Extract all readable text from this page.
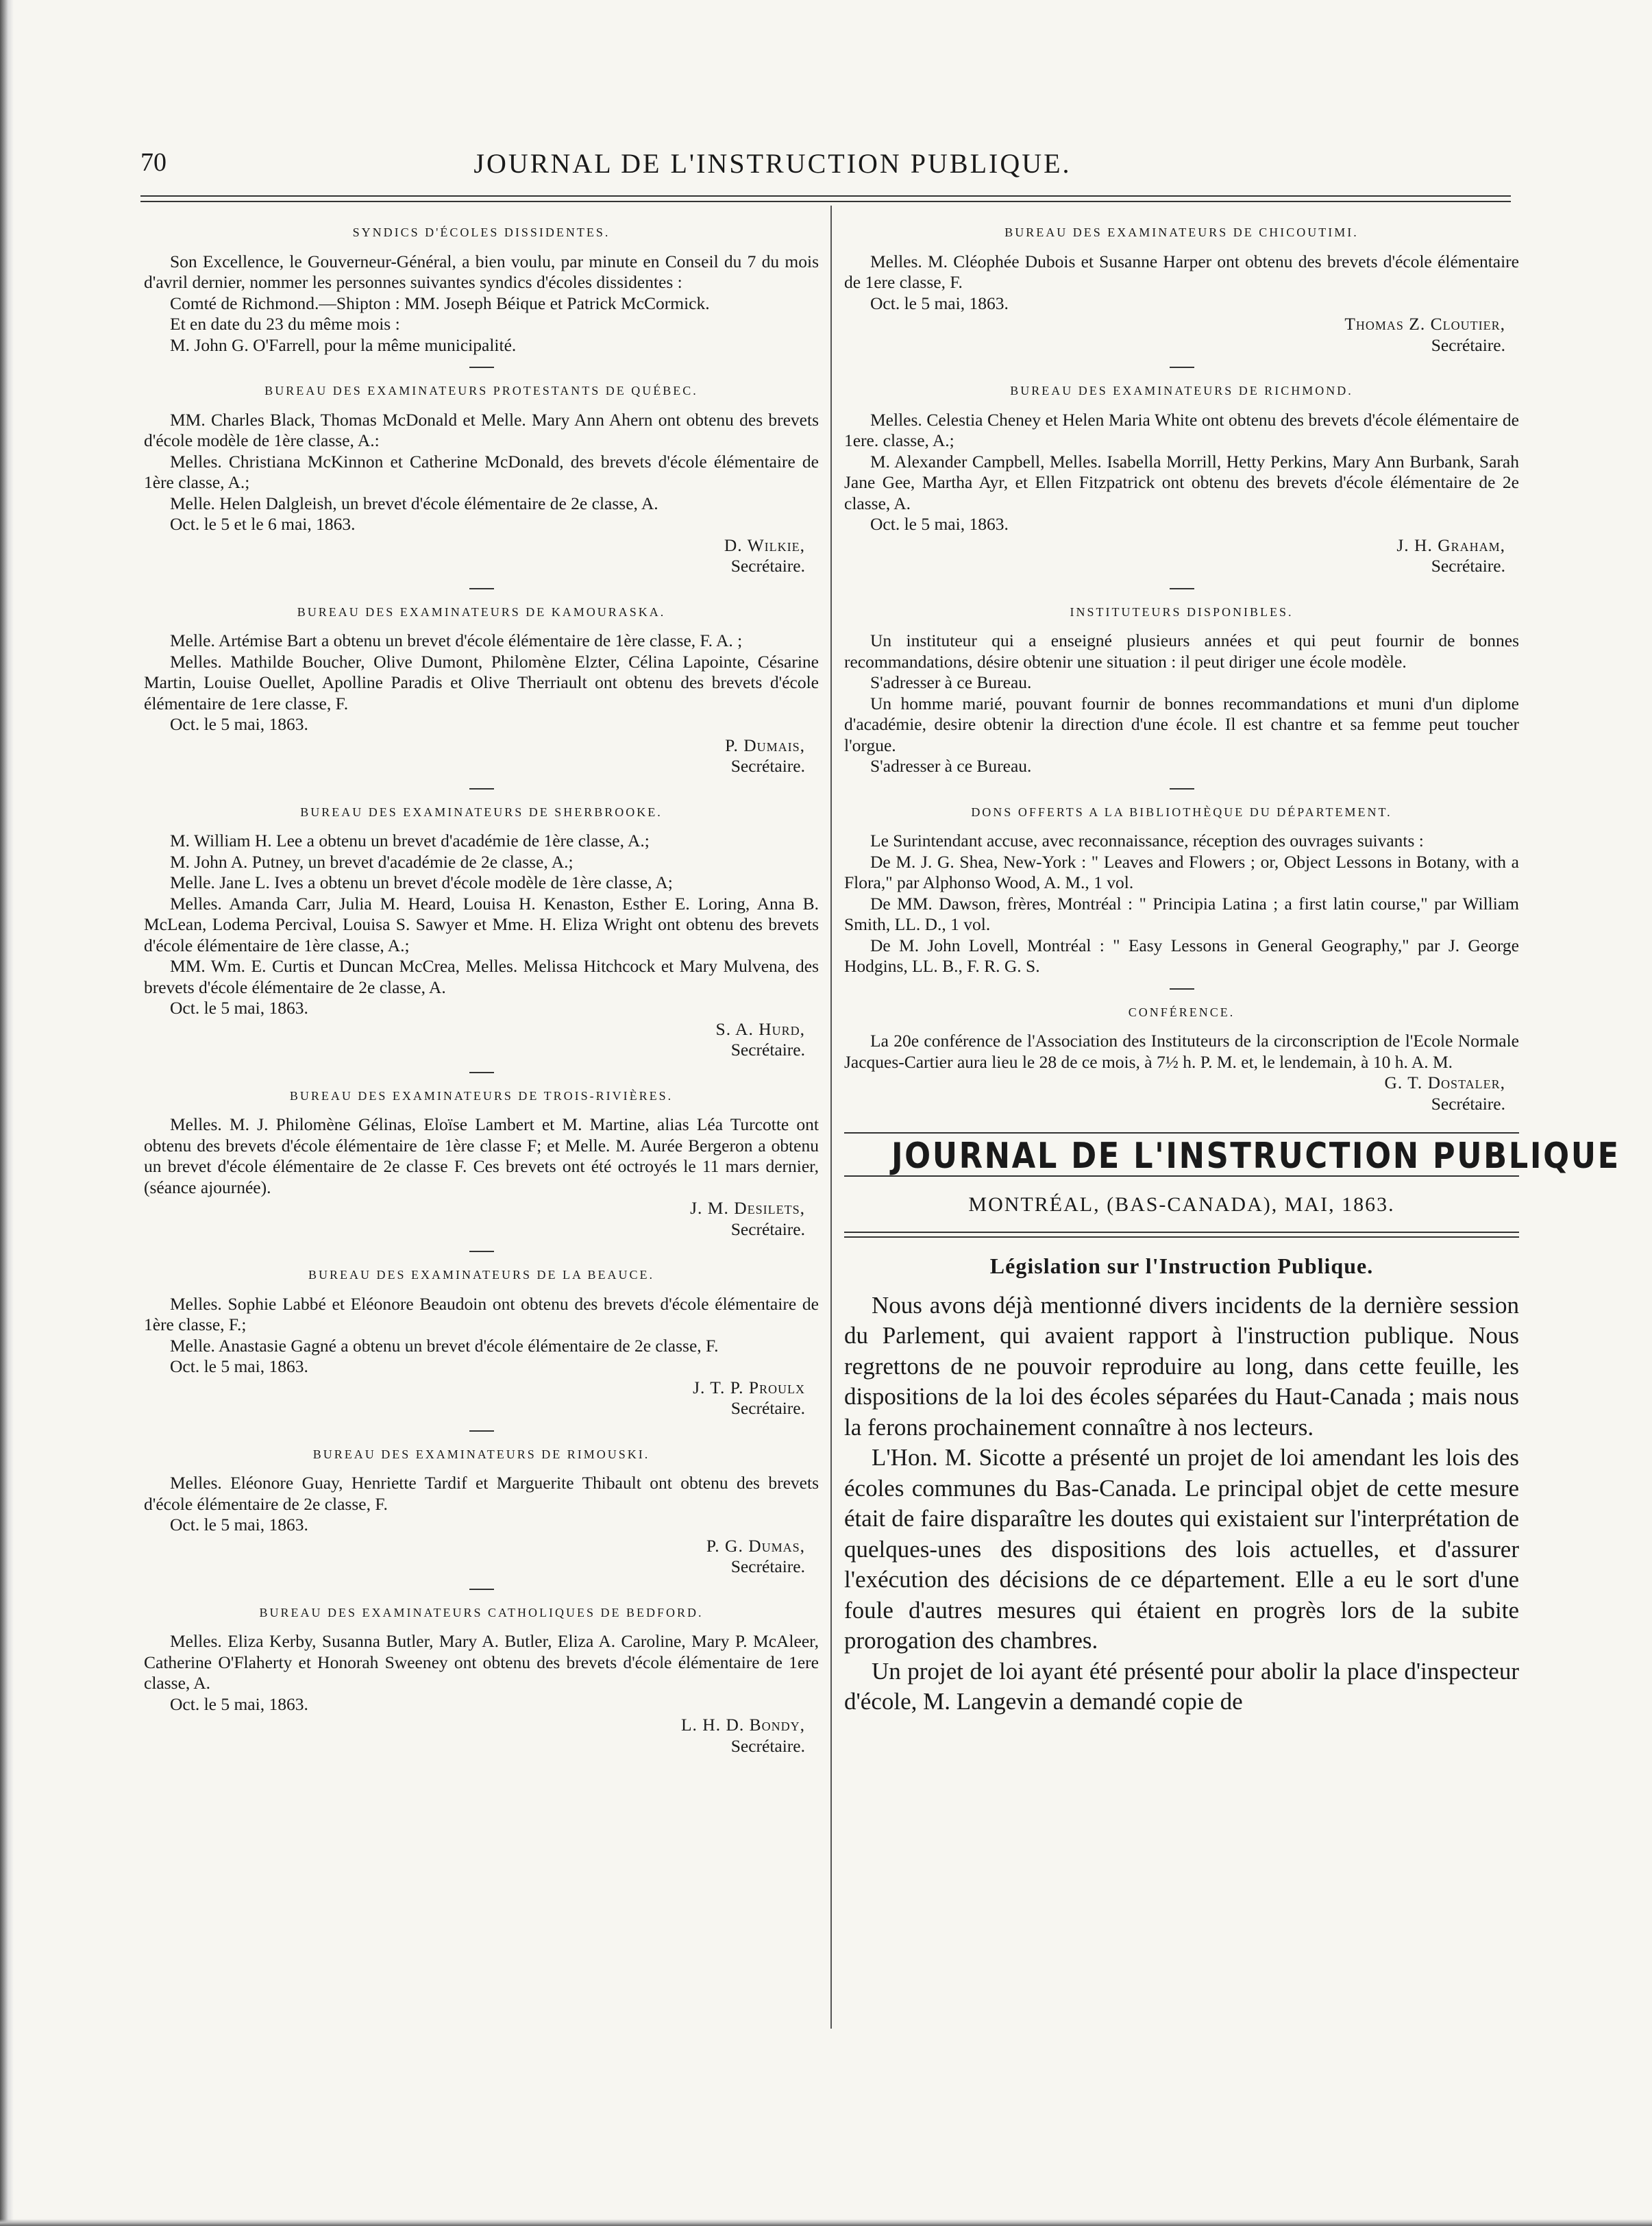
70	JOURNAL DE L'INSTRUCTION PUBLIQUE.
SYNDICS D'ÉCOLES DISSIDENTES.

Son Excellence, le Gouverneur-Général, a bien voulu, par minute en Conseil du 7 du mois d'avril dernier, nommer les personnes suivantes syndics d'écoles dissidentes :

Comté de Richmond.—Shipton : MM. Joseph Béique et Patrick McCormick.

Et en date du 23 du même mois :

M. John G. O'Farrell, pour la même municipalité.

BUREAU DES EXAMINATEURS PROTESTANTS DE QUÉBEC.

MM. Charles Black, Thomas McDonald et Melle. Mary Ann Ahern ont obtenu des brevets d'école modèle de 1ère classe, A.:

Melles. Christiana McKinnon et Catherine McDonald, des brevets d'école élémentaire de 1ère classe, A.;

Melle. Helen Dalgleish, un brevet d'école élémentaire de 2e classe, A.

Oct. le 5 et le 6 mai, 1863.

D. Wilkie,

Secrétaire.

BUREAU DES EXAMINATEURS DE KAMOURASKA.

Melle. Artémise Bart a obtenu un brevet d'école élémentaire de 1ère classe, F. A. ;

Melles. Mathilde Boucher, Olive Dumont, Philomène Elzter, Célina Lapointe, Césarine Martin, Louise Ouellet, Apolline Paradis et Olive Therriault ont obtenu des brevets d'école élémentaire de 1ere classe, F.

Oct. le 5 mai, 1863.

P. Dumais,

Secrétaire.

BUREAU DES EXAMINATEURS DE SHERBROOKE.

M. William H. Lee a obtenu un brevet d'académie de 1ère classe, A.;

M. John A. Putney, un brevet d'académie de 2e classe, A.;

Melle. Jane L. Ives a obtenu un brevet d'école modèle de 1ère classe, A;

Melles. Amanda Carr, Julia M. Heard, Louisa H. Kenaston, Esther E. Loring, Anna B. McLean, Lodema Percival, Louisa S. Sawyer et Mme. H. Eliza Wright ont obtenu des brevets d'école élémentaire de 1ère classe, A.;

MM. Wm. E. Curtis et Duncan McCrea, Melles. Melissa Hitchcock et Mary Mulvena, des brevets d'école élémentaire de 2e classe, A.

Oct. le 5 mai, 1863.

S. A. Hurd,

Secrétaire.

BUREAU DES EXAMINATEURS DE TROIS-RIVIÈRES.

Melles. M. J. Philomène Gélinas, Eloïse Lambert et M. Martine, alias Léa Turcotte ont obtenu des brevets d'école élémentaire de 1ère classe F; et Melle. M. Aurée Bergeron a obtenu un brevet d'école élémentaire de 2e classe F. Ces brevets ont été octroyés le 11 mars dernier, (séance ajournée).

J. M. Desilets,

Secrétaire.

BUREAU DES EXAMINATEURS DE LA BEAUCE.

Melles. Sophie Labbé et Eléonore Beaudoin ont obtenu des brevets d'école élémentaire de 1ère classe, F.;

Melle. Anastasie Gagné a obtenu un brevet d'école élémentaire de 2e classe, F.

Oct. le 5 mai, 1863.

J. T. P. Proulx

Secrétaire.

BUREAU DES EXAMINATEURS DE RIMOUSKI.

Melles. Eléonore Guay, Henriette Tardif et Marguerite Thibault ont obtenu des brevets d'école élémentaire de 2e classe, F.

Oct. le 5 mai, 1863.

P. G. Dumas,

Secrétaire.

BUREAU DES EXAMINATEURS CATHOLIQUES DE BEDFORD.

Melles. Eliza Kerby, Susanna Butler, Mary A. Butler, Eliza A. Caroline, Mary P. McAleer, Catherine O'Flaherty et Honorah Sweeney ont obtenu des brevets d'école élémentaire de 1ere classe, A.

Oct. le 5 mai, 1863.

L. H. D. Bondy,

Secrétaire.

BUREAU DES EXAMINATEURS DE CHICOUTIMI.

Melles. M. Cléophée Dubois et Susanne Harper ont obtenu des brevets d'école élémentaire de 1ere classe, F.

Oct. le 5 mai, 1863.

Thomas Z. Cloutier,

Secrétaire.

BUREAU DES EXAMINATEURS DE RICHMOND.

Melles. Celestia Cheney et Helen Maria White ont obtenu des brevets d'école élémentaire de 1ere. classe, A.;

M. Alexander Campbell, Melles. Isabella Morrill, Hetty Perkins, Mary Ann Burbank, Sarah Jane Gee, Martha Ayr, et Ellen Fitzpatrick ont obtenu des brevets d'école élémentaire de 2e classe, A.

Oct. le 5 mai, 1863.

J. H. Graham,

Secrétaire.

INSTITUTEURS DISPONIBLES.

Un instituteur qui a enseigné plusieurs années et qui peut fournir de bonnes recommandations, désire obtenir une situation : il peut diriger une école modèle.

S'adresser à ce Bureau.

Un homme marié, pouvant fournir de bonnes recommandations et muni d'un diplome d'académie, desire obtenir la direction d'une école. Il est chantre et sa femme peut toucher l'orgue.

S'adresser à ce Bureau.

DONS OFFERTS A LA BIBLIOTHÈQUE DU DÉPARTEMENT.

Le Surintendant accuse, avec reconnaissance, réception des ouvrages suivants :

De M. J. G. Shea, New-York : " Leaves and Flowers ; or, Object Lessons in Botany, with a Flora," par Alphonso Wood, A. M., 1 vol.

De MM. Dawson, frères, Montréal : " Principia Latina ; a first latin course," par William Smith, LL. D., 1 vol.

De M. John Lovell, Montréal : " Easy Lessons in General Geography," par J. George Hodgins, LL. B., F. R. G. S.

CONFÉRENCE.

La 20e conférence de l'Association des Instituteurs de la circonscription de l'Ecole Normale Jacques-Cartier aura lieu le 28 de ce mois, à 7½ h. P. M. et, le lendemain, à 10 h. A. M.

G. T. Dostaler,

Secrétaire.

JOURNAL DE L'INSTRUCTION PUBLIQUE
MONTRÉAL, (BAS-CANADA), MAI, 1863.
Législation sur l'Instruction Publique.

Nous avons déjà mentionné divers incidents de la dernière session du Parlement, qui avaient rapport à l'instruction publique. Nous regrettons de ne pouvoir reproduire au long, dans cette feuille, les dispositions de la loi des écoles séparées du Haut-Canada ; mais nous la ferons prochainement connaître à nos lecteurs.

L'Hon. M. Sicotte a présenté un projet de loi amendant les lois des écoles communes du Bas-Canada. Le principal objet de cette mesure était de faire disparaître les doutes qui existaient sur l'interprétation de quelques-unes des dispositions des lois actuelles, et d'assurer l'exécution des décisions de ce département. Elle a eu le sort d'une foule d'autres mesures qui étaient en progrès lors de la subite prorogation des chambres.

Un projet de loi ayant été présenté pour abolir la place d'inspecteur d'école, M. Langevin a demandé copie de
